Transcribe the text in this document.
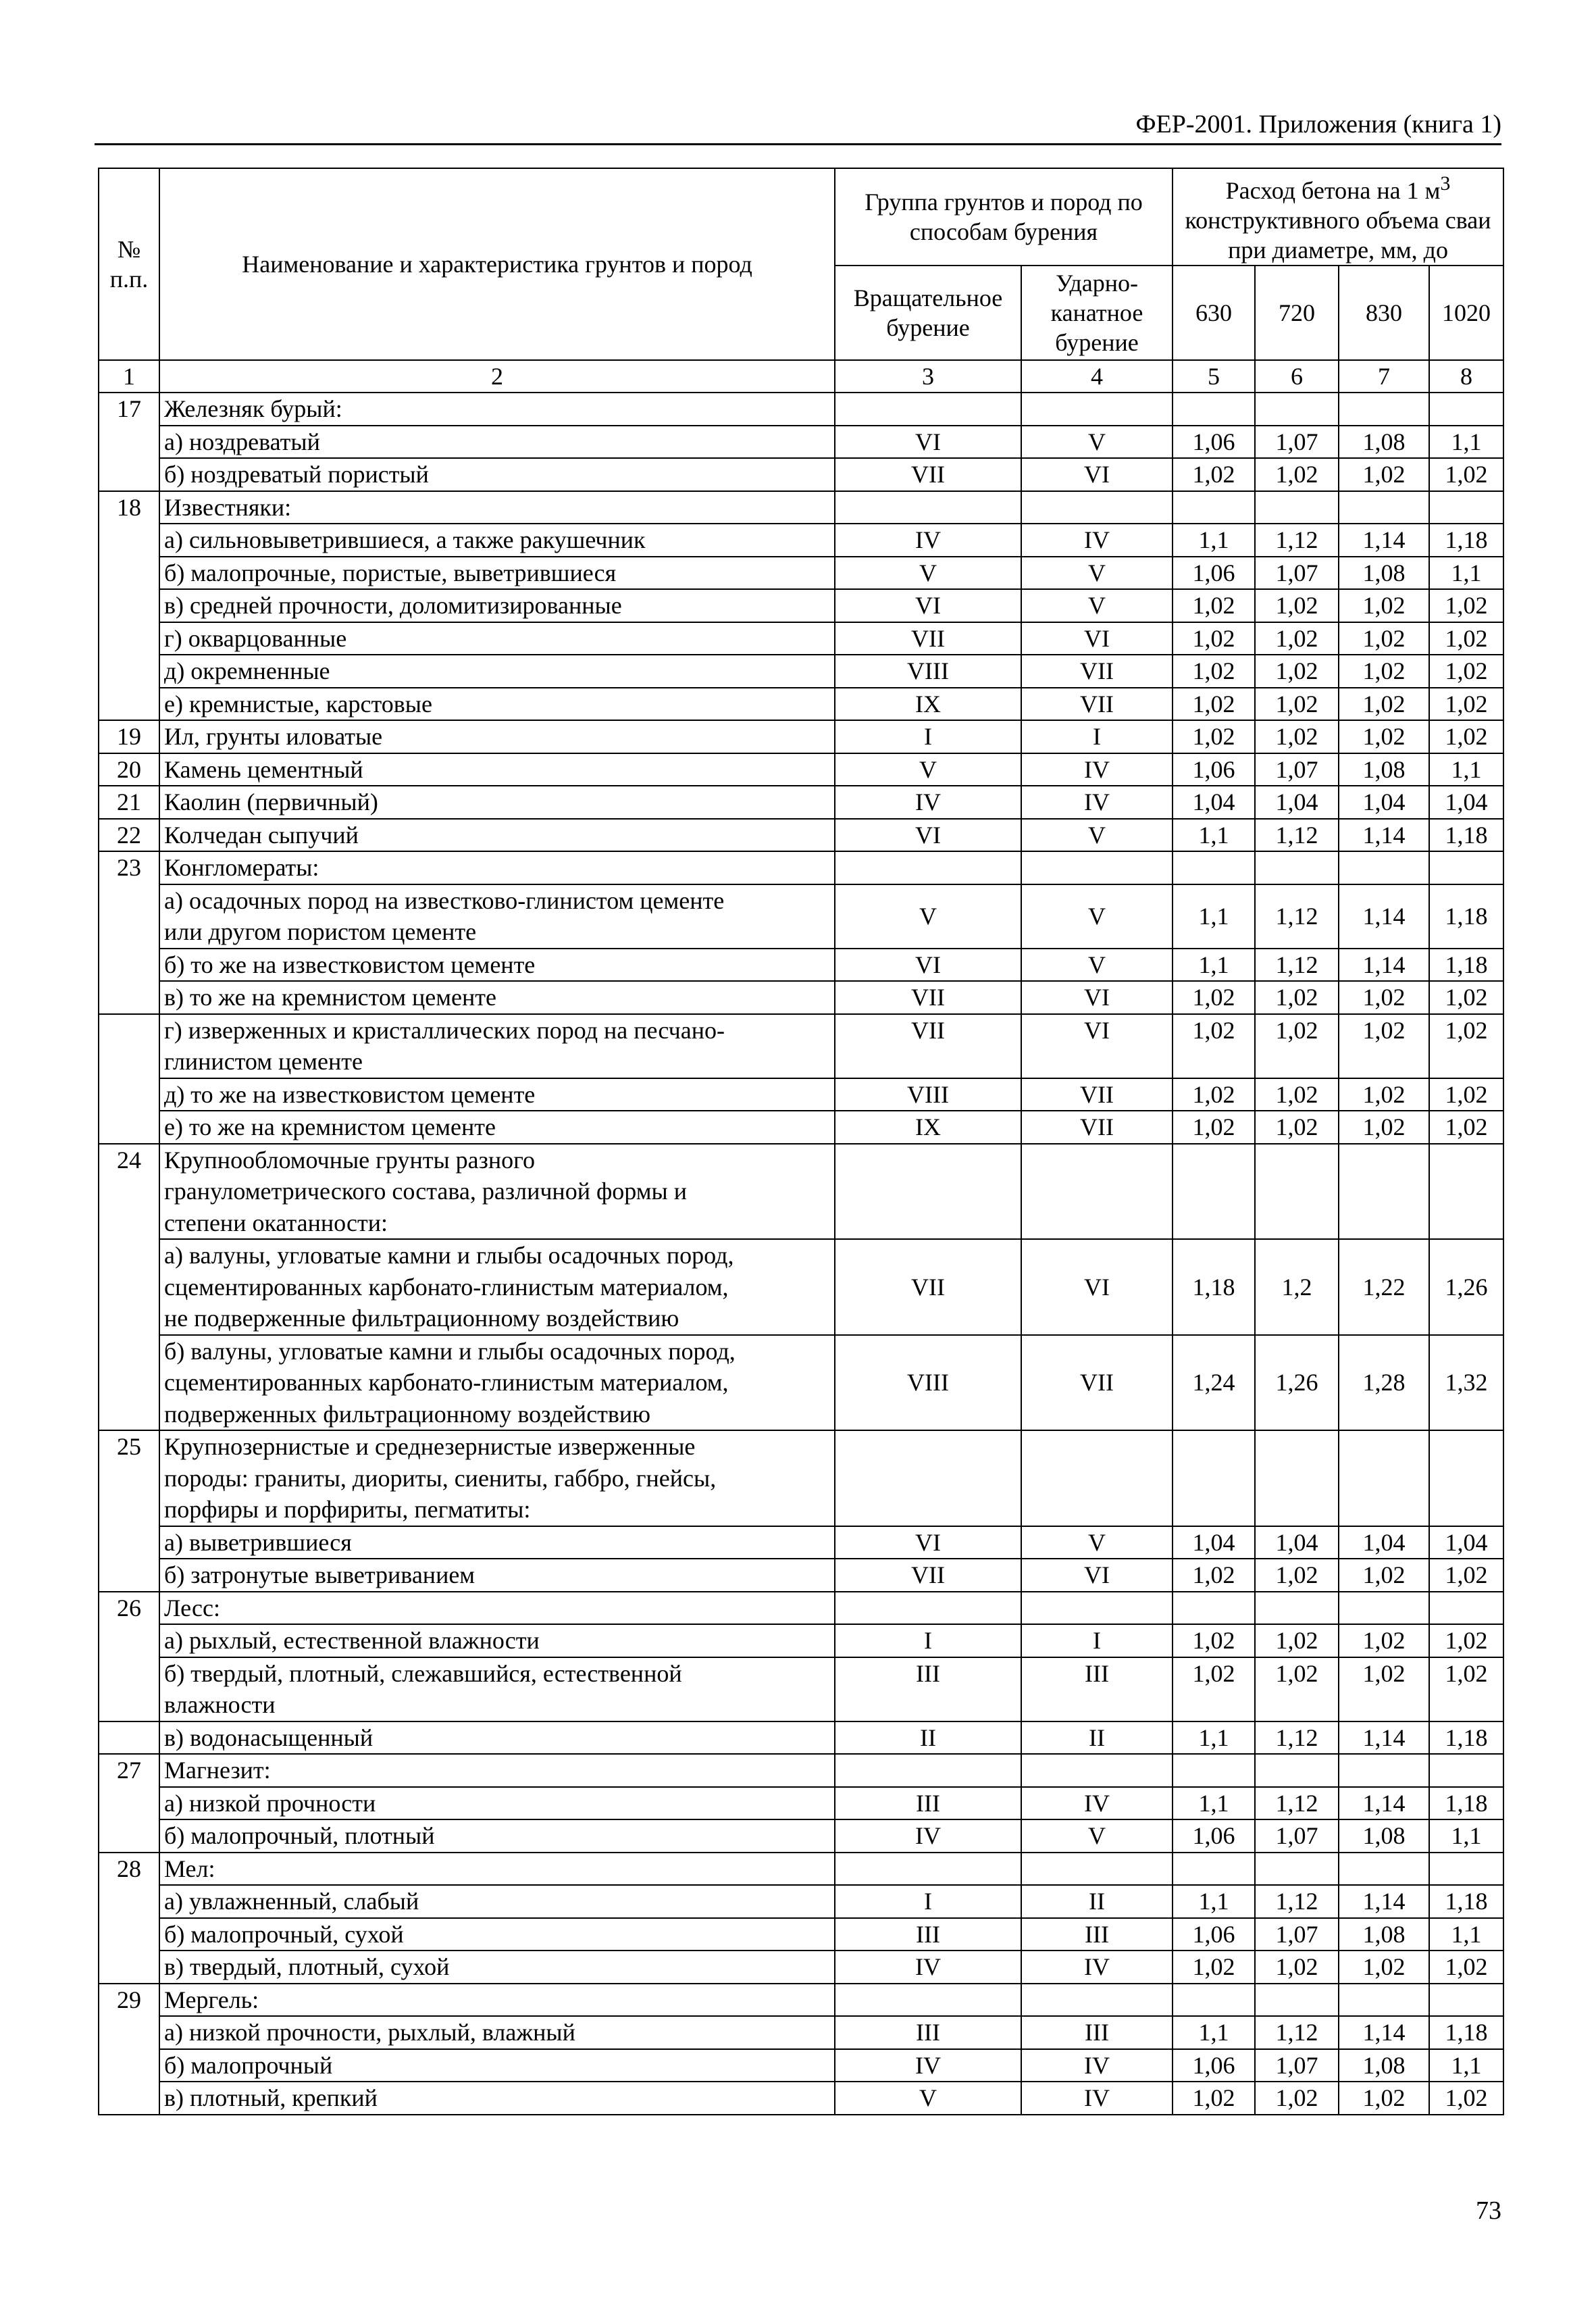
ФЕР-2001. Приложения (книга 1)
№ п.п.	Наименование и характеристика грунтов и пород	Группа грунтов и пород по способам бурения		Расход бетона на 1 $м^3$ конструктивного объема сваи при диаметре, мм, до			
		Вращательное бурение	Ударно-канатное бурение	630	720	830	1020
1	2	3	4	5	6	7	8
17	Железняк бурый:						

	а) ноздреватый	VI	V	1,06	1,07	1,08	1,1

	б) ноздреватый пористый	VII	VI	1,02	1,02	1,02	1,02
18	Известняки:						

	а) сильновыветрившиеся, а также ракушечник	IV	IV	1,1	1,12	1,14	1,18

	б) малопрочные, пористые, выветрившиеся	V	V	1,06	1,07	1,08	1,1

	в) средней прочности, доломитизированные	VI	V	1,02	1,02	1,02	1,02

	г) окварцованные	VII	VI	1,02	1,02	1,02	1,02

	д) окремненные	VIII	VII	1,02	1,02	1,02	1,02

	е) кремнистые, карстовые	IX	VII	1,02	1,02	1,02	1,02
19	Ил, грунты иловатые	I	I	1,02	1,02	1,02	1,02
20	Камень цементный	V	IV	1,06	1,07	1,08	1,1
21	Каолин (первичный)	IV	IV	1,04	1,04	1,04	1,04
22	Колчедан сыпучий	VI	V	1,1	1,12	1,14	1,18
23	Конгломераты:						

	а) осадочных пород на известково-глинистом цементе
или другом пористом цементе	V	V	1,1	1,12	1,14	1,18

	б) то же на известковистом цементе	VI	V	1,1	1,12	1,14	1,18

	в) то же на кремнистом цементе	VII	VI	1,02	1,02	1,02	1,02

	г) изверженных и кристаллических пород на песчано-
глинистом цементе	VII	VI	1,02	1,02	1,02	1,02

	д) то же на известковистом цементе	VIII	VII	1,02	1,02	1,02	1,02

	е) то же на кремнистом цементе	IX	VII	1,02	1,02	1,02	1,02
24	Крупнообломочные грунты разного
гранулометрического состава, различной формы и
степени окатанности:						

	а) валуны, угловатые камни и глыбы осадочных пород,
сцементированных карбонато-глинистым материалом,
не подверженные фильтрационному воздействию	VII	VI	1,18	1,2	1,22	1,26

	б) валуны, угловатые камни и глыбы осадочных пород,
сцементированных карбонато-глинистым материалом,
подверженных фильтрационному воздействию	VIII	VII	1,24	1,26	1,28	1,32
25	Крупнозернистые и среднезернистые изверженные
породы: граниты, диориты, сиениты, габбро, гнейсы,
порфиры и порфириты, пегматиты:						

	а) выветрившиеся	VI	V	1,04	1,04	1,04	1,04

	б) затронутые выветриванием	VII	VI	1,02	1,02	1,02	1,02
26	Лесс:						

	а) рыхлый, естественной влажности	I	I	1,02	1,02	1,02	1,02

	б) твердый, плотный, слежавшийся, естественной
влажности	III	III	1,02	1,02	1,02	1,02

	в) водонасыщенный	II	II	1,1	1,12	1,14	1,18
27	Магнезит:						

	а) низкой прочности	III	IV	1,1	1,12	1,14	1,18

	б) малопрочный, плотный	IV	V	1,06	1,07	1,08	1,1
28	Мел:						

	а) увлажненный, слабый	I	II	1,1	1,12	1,14	1,18

	б) малопрочный, сухой	III	III	1,06	1,07	1,08	1,1

	в) твердый, плотный, сухой	IV	IV	1,02	1,02	1,02	1,02
29	Мергель:						

	а) низкой прочности, рыхлый, влажный	III	III	1,1	1,12	1,14	1,18

	б) малопрочный	IV	IV	1,06	1,07	1,08	1,1

	в) плотный, крепкий	V	IV	1,02	1,02	1,02	1,02
73
